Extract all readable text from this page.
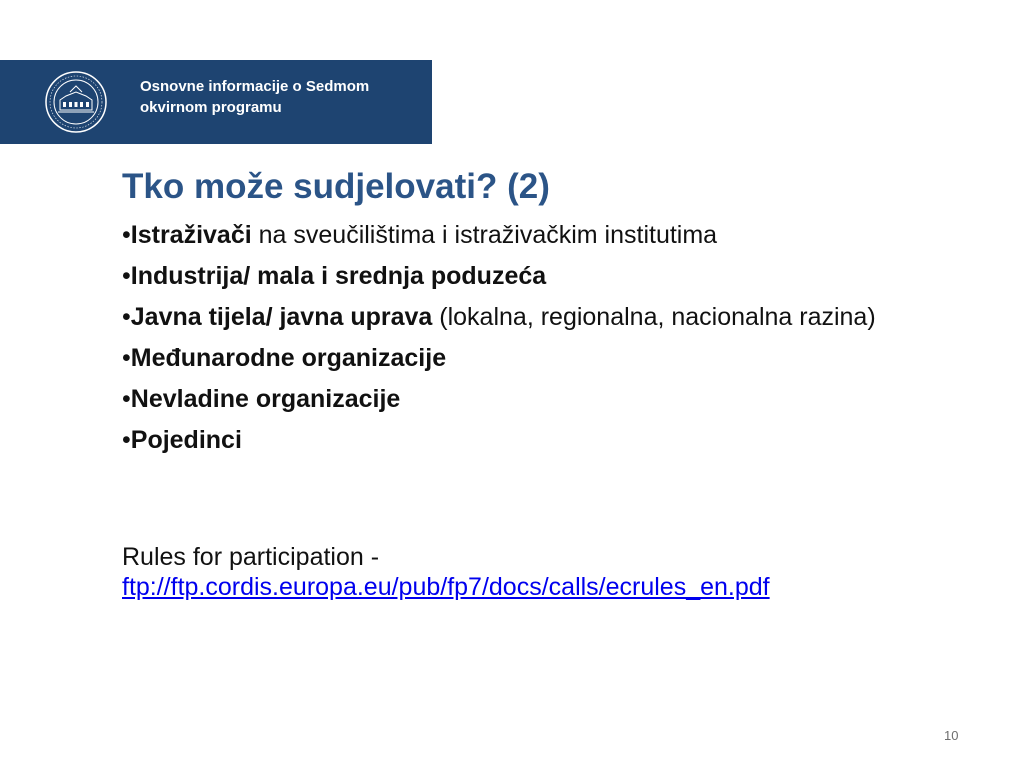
Osnovne informacije o Sedmom
okvirnom programu
Tko može sudjelovati? (2)
•Istraživači na sveučilištima i istraživačkim institutima
•Industrija/ mala i srednja poduzeća
•Javna tijela/ javna uprava (lokalna, regionalna, nacionalna razina)
•Međunarodne organizacije
•Nevladine organizacije
•Pojedinci
Rules for participation -
ftp://ftp.cordis.europa.eu/pub/fp7/docs/calls/ecrules_en.pdf
10
